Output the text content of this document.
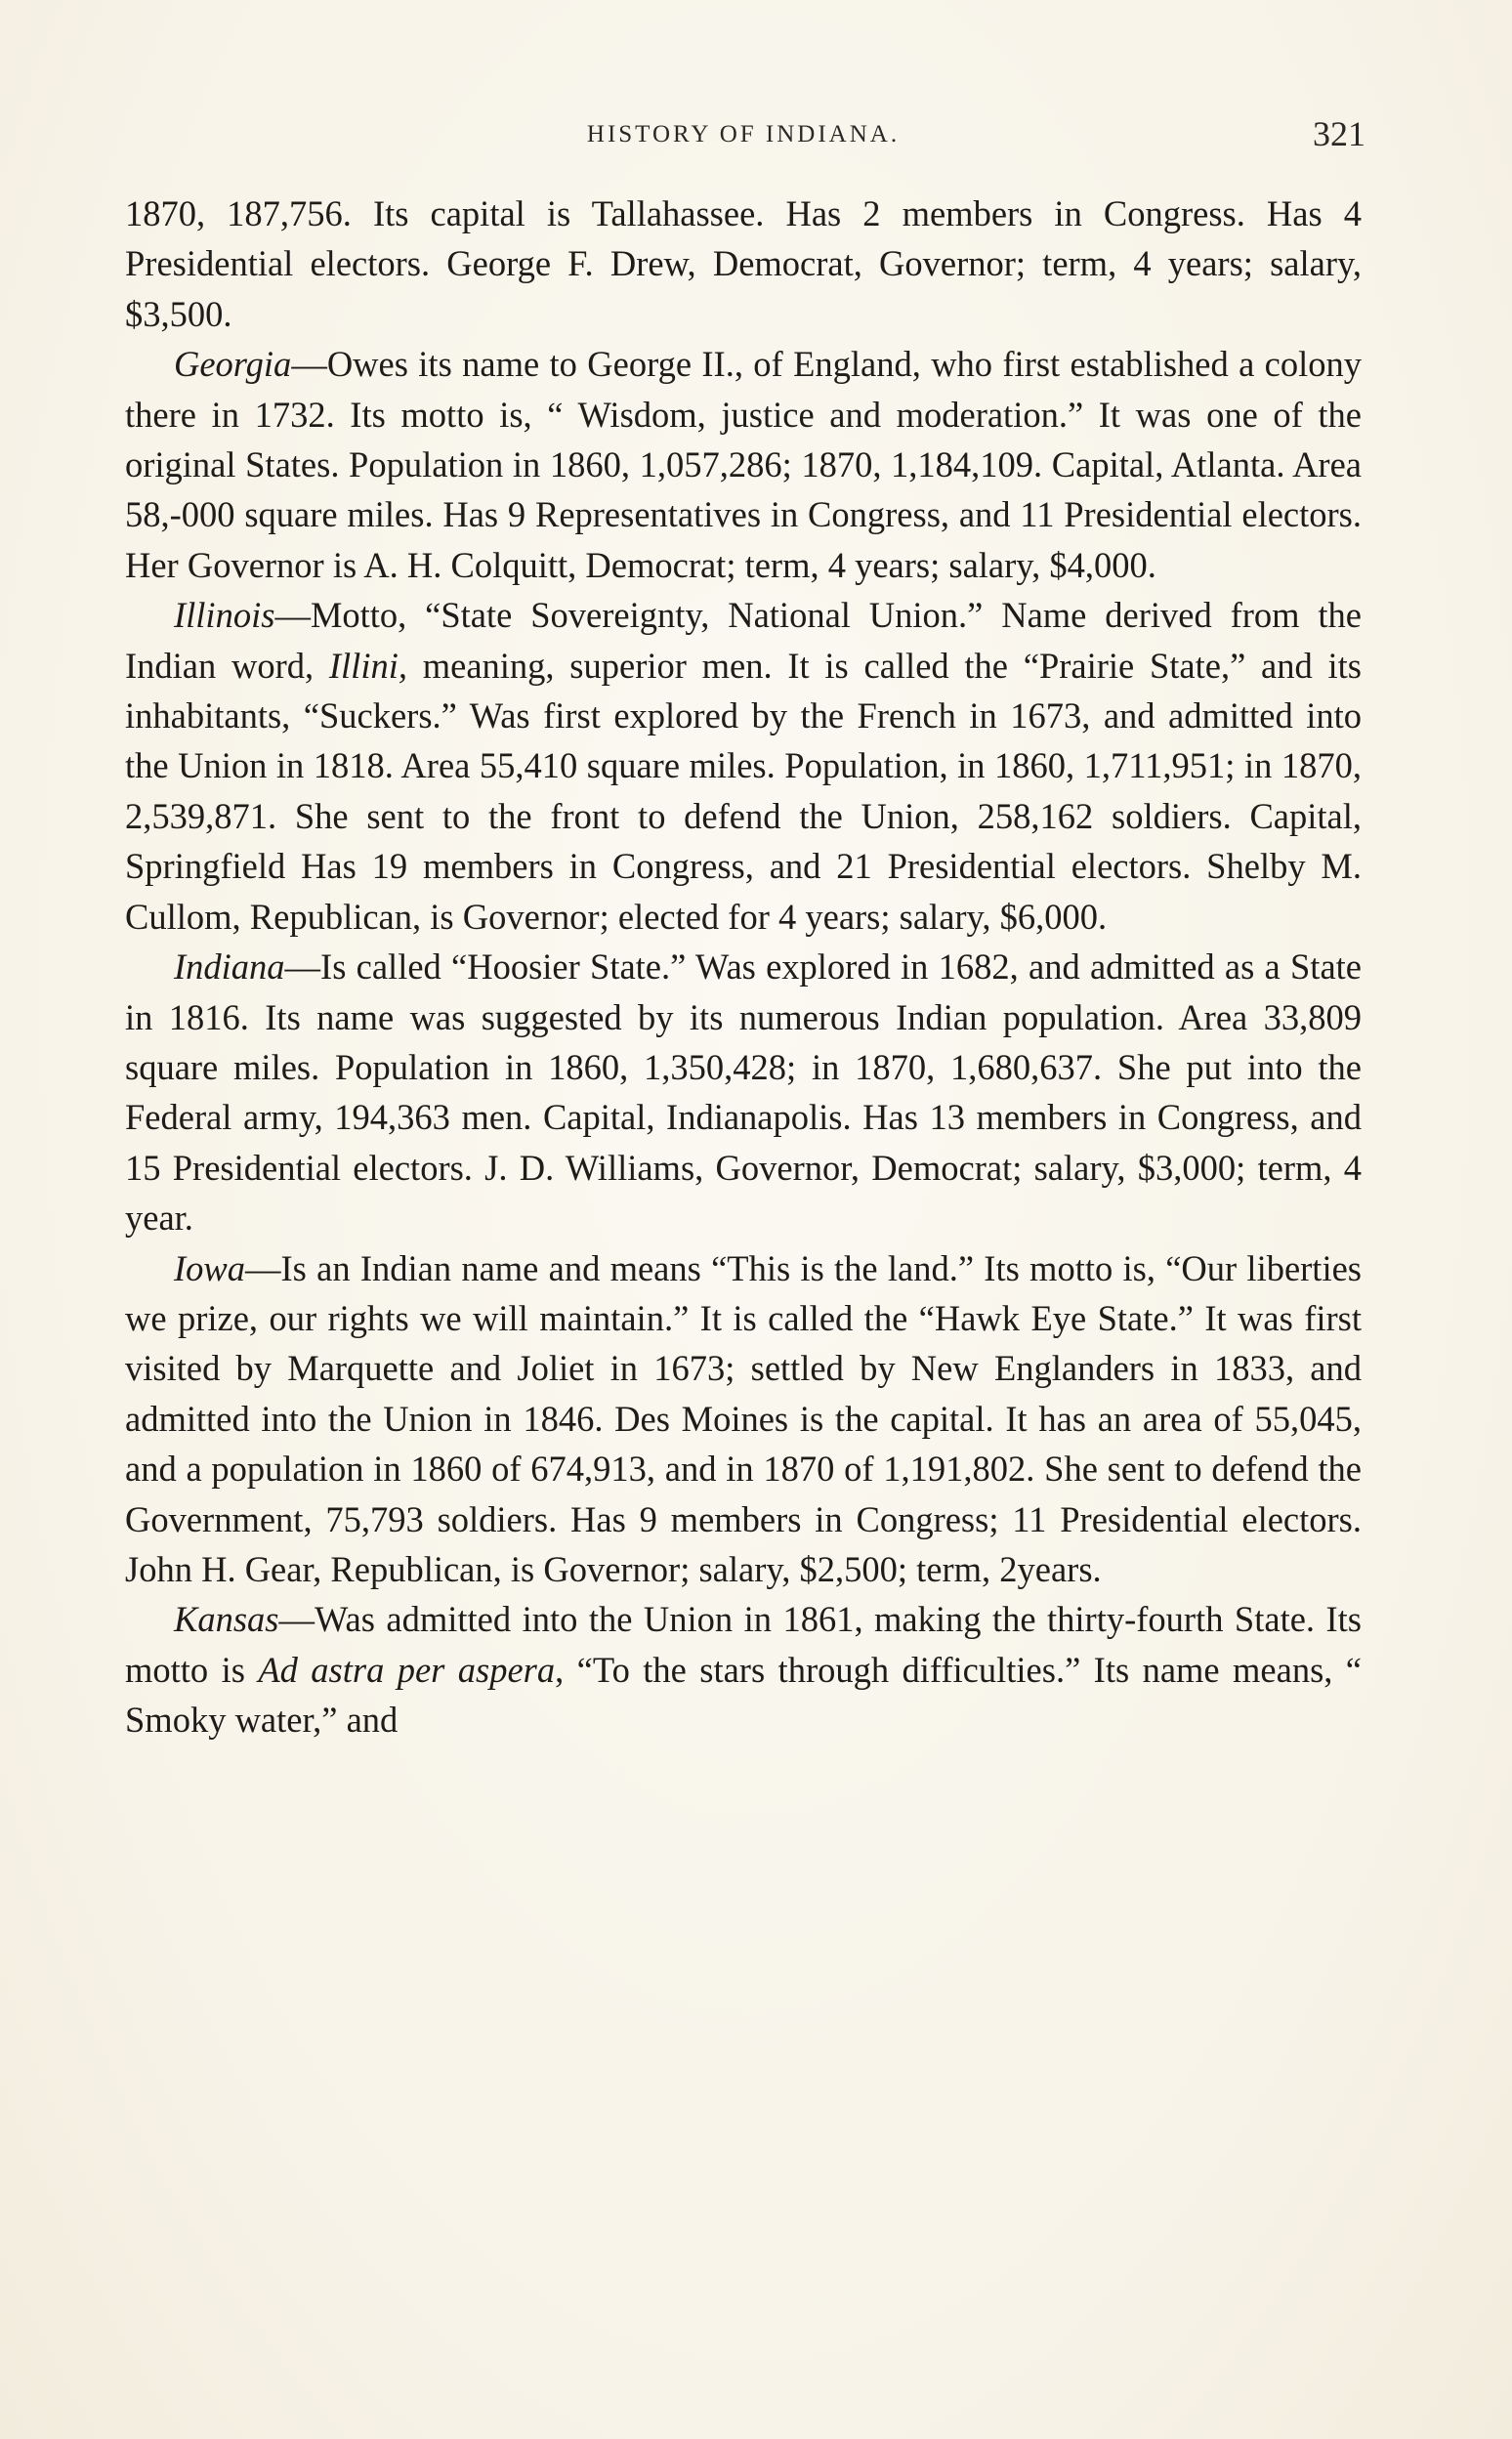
HISTORY OF INDIANA.	321

1870, 187,756. Its capital is Tallahassee. Has 2 members in Congress. Has 4 Presidential electors. George F. Drew, Democrat, Governor; term, 4 years; salary, $3,500.

Georgia—Owes its name to George II., of England, who first established a colony there in 1732. Its motto is, “ Wisdom, justice and moderation.” It was one of the original States. Population in 1860, 1,057,286; 1870, 1,184,109. Capital, Atlanta. Area 58,-000 square miles. Has 9 Representatives in Congress, and 11 Presidential electors. Her Governor is A. H. Colquitt, Democrat; term, 4 years; salary, $4,000.

Illinois—Motto, “State Sovereignty, National Union.” Name derived from the Indian word, Illini, meaning, superior men. It is called the “Prairie State,” and its inhabitants, “Suckers.” Was first explored by the French in 1673, and admitted into the Union in 1818. Area 55,410 square miles. Population, in 1860, 1,711,951; in 1870, 2,539,871. She sent to the front to defend the Union, 258,162 soldiers. Capital, Springfield Has 19 members in Congress, and 21 Presidential electors. Shelby M. Cullom, Republican, is Governor; elected for 4 years; salary, $6,000.

Indiana—Is called “Hoosier State.” Was explored in 1682, and admitted as a State in 1816. Its name was suggested by its numerous Indian population. Area 33,809 square miles. Population in 1860, 1,350,428; in 1870, 1,680,637. She put into the Federal army, 194,363 men. Capital, Indianapolis. Has 13 members in Congress, and 15 Presidential electors. J. D. Williams, Governor, Democrat; salary, $3,000; term, 4 year.

Iowa—Is an Indian name and means “This is the land.” Its motto is, “Our liberties we prize, our rights we will maintain.” It is called the “Hawk Eye State.” It was first visited by Marquette and Joliet in 1673; settled by New Englanders in 1833, and admitted into the Union in 1846. Des Moines is the capital. It has an area of 55,045, and a population in 1860 of 674,913, and in 1870 of 1,191,802. She sent to defend the Government, 75,793 soldiers. Has 9 members in Congress; 11 Presidential electors. John H. Gear, Republican, is Governor; salary, $2,500; term, 2years.

Kansas—Was admitted into the Union in 1861, making the thirty-fourth State. Its motto is Ad astra per aspera, “To the stars through difficulties.” Its name means, “ Smoky water,” and
